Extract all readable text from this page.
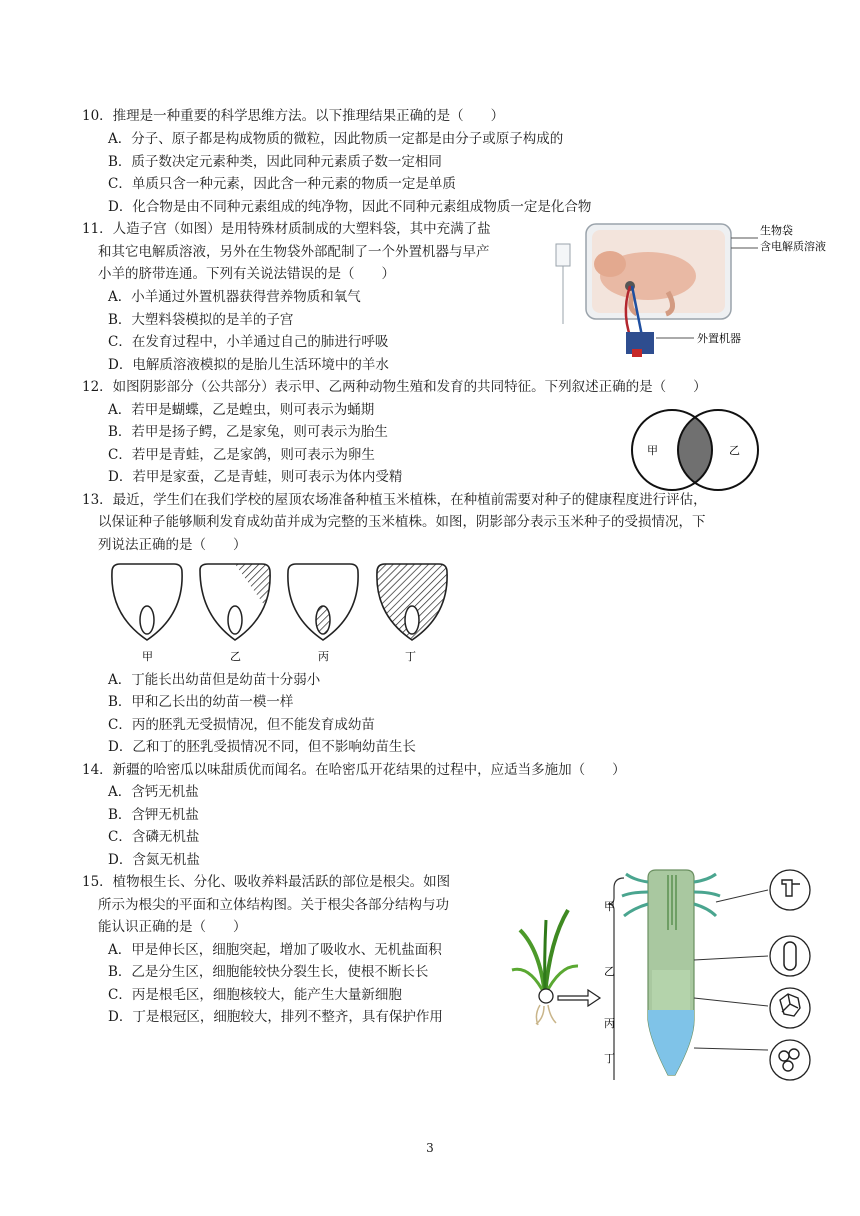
10．推理是一种重要的科学思维方法。以下推理结果正确的是（　　）
A．分子、原子都是构成物质的微粒，因此物质一定都是由分子或原子构成的
B．质子数决定元素种类，因此同种元素质子数一定相同
C．单质只含一种元素，因此含一种元素的物质一定是单质
D．化合物是由不同种元素组成的纯净物，因此不同种元素组成物质一定是化合物
11．人造子宫（如图）是用特殊材质制成的大塑料袋，其中充满了盐
和其它电解质溶液，另外在生物袋外部配制了一个外置机器与早产
小羊的脐带连通。下列有关说法错误的是（　　）
A．小羊通过外置机器获得营养物质和氧气
B．大塑料袋模拟的是羊的子宫
C．在发育过程中，小羊通过自己的肺进行呼吸
D．电解质溶液模拟的是胎儿生活环境中的羊水
生物袋
含电解质溶液
外置机器
12．如图阴影部分（公共部分）表示甲、乙两种动物生殖和发育的共同特征。下列叙述正确的是（　　）
A．若甲是蝴蝶，乙是蝗虫，则可表示为蛹期
B．若甲是扬子鳄，乙是家兔，则可表示为胎生
C．若甲是青蛙，乙是家鸽，则可表示为卵生
D．若甲是家蚕，乙是青蛙，则可表示为体内受精
甲	乙
13．最近，学生们在我们学校的屋顶农场准备种植玉米植株，在种植前需要对种子的健康程度进行评估，
以保证种子能够顺利发育成幼苗并成为完整的玉米植株。如图，阴影部分表示玉米种子的受损情况，下
列说法正确的是（　　）
甲	乙	丙	丁
A．丁能长出幼苗但是幼苗十分弱小
B．甲和乙长出的幼苗一模一样
C．丙的胚乳无受损情况，但不能发育成幼苗
D．乙和丁的胚乳受损情况不同，但不影响幼苗生长
14．新疆的哈密瓜以味甜质优而闻名。在哈密瓜开花结果的过程中，应适当多施加（　　）
A．含钙无机盐
B．含钾无机盐
C．含磷无机盐
D．含氮无机盐
15．植物根生长、分化、吸收养料最活跃的部位是根尖。如图
所示为根尖的平面和立体结构图。关于根尖各部分结构与功
能认识正确的是（　　）
A．甲是伸长区，细胞突起，增加了吸收水、无机盐面积
B．乙是分生区，细胞能较快分裂生长，使根不断长长
C．丙是根毛区，细胞核较大，能产生大量新细胞
D．丁是根冠区，细胞较大，排列不整齐，具有保护作用
甲
乙
丙
丁
3
